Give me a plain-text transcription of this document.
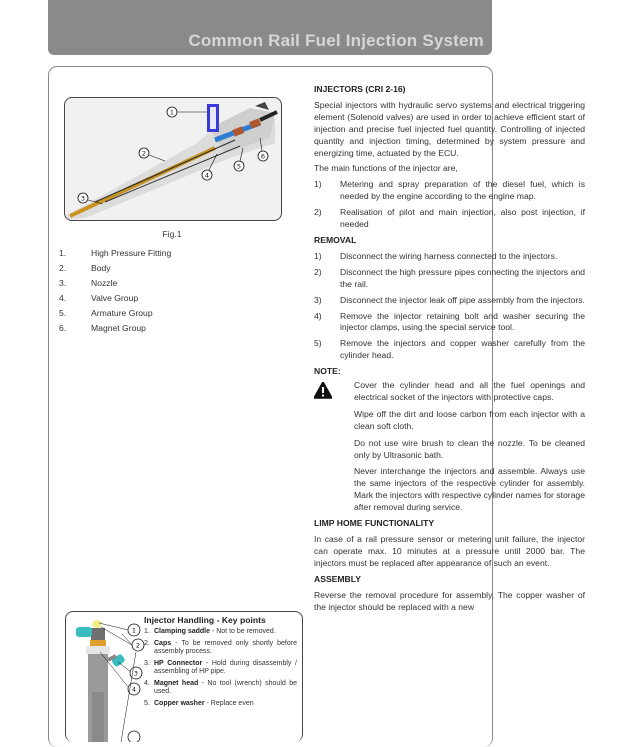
Common Rail Fuel Injection System
1
2
3
4
5
6
Fig.1
1.	High Pressure Fitting
2.	Body
3.	Nozzle
4.	Valve Group
5.	Armature Group
6.	Magnet Group
1
2
3
4
Injector Handling - Key points
1. Clamping saddle - Not to be removed.
2. Caps - To be removed only shortly before assembly process.
3. HP Connector - Hold during disassembly / assembling of HP pipe.
4. Magnet head - No tool (wrench) should be used.
5. Copper washer - Replace even
INJECTORS (CRI 2-16)

Special injectors with hydraulic servo systems and electrical triggering element (Solenoid valves) are used in order to achieve efficient start of injection and precise fuel injected fuel quantity. Controlling of injected quantity and injection timing, determined by system pressure and energizing time, actuated by the ECU.

The main functions of the injector are,

1)	Metering and spray preparation of the diesel fuel, which is needed by the engine according to the engine map.
2)	Realisation of pilot and main injection, also post injection, if needed
REMOVAL
1)	Disconnect the wiring harness connected to the injectors.
2)	Disconnect the high pressure pipes connecting the injectors and the rail.
3)	Disconnect the injector leak off pipe assembly from the injectors.
4)	Remove the injector retaining bolt and washer securing the injector clamps, using the special service tool.
5)	Remove the injectors and copper washer carefully from the cylinder head.
NOTE:

Cover the cylinder head and all the fuel openings and electrical socket of the injectors with protective caps.

Wipe off the dirt and loose carbon from each injector with a clean soft cloth.

Do not use wire brush to clean the nozzle. To be cleaned only by Ultrasonic bath.

Never interchange the injectors and assemble. Always use the same injectors of the respective cylinder for assembly. Mark the injectors with respective cylinder names for storage after removal during service.

LIMP HOME FUNCTIONALITY

In case of a rail pressure sensor or metering unit failure, the injector can operate max. 10 minutes at a pressure until 2000 bar. The injectors must be replaced after appearance of such an event.

ASSEMBLY

Reverse the removal procedure for assembly. The copper washer of the injector should be replaced with a new
